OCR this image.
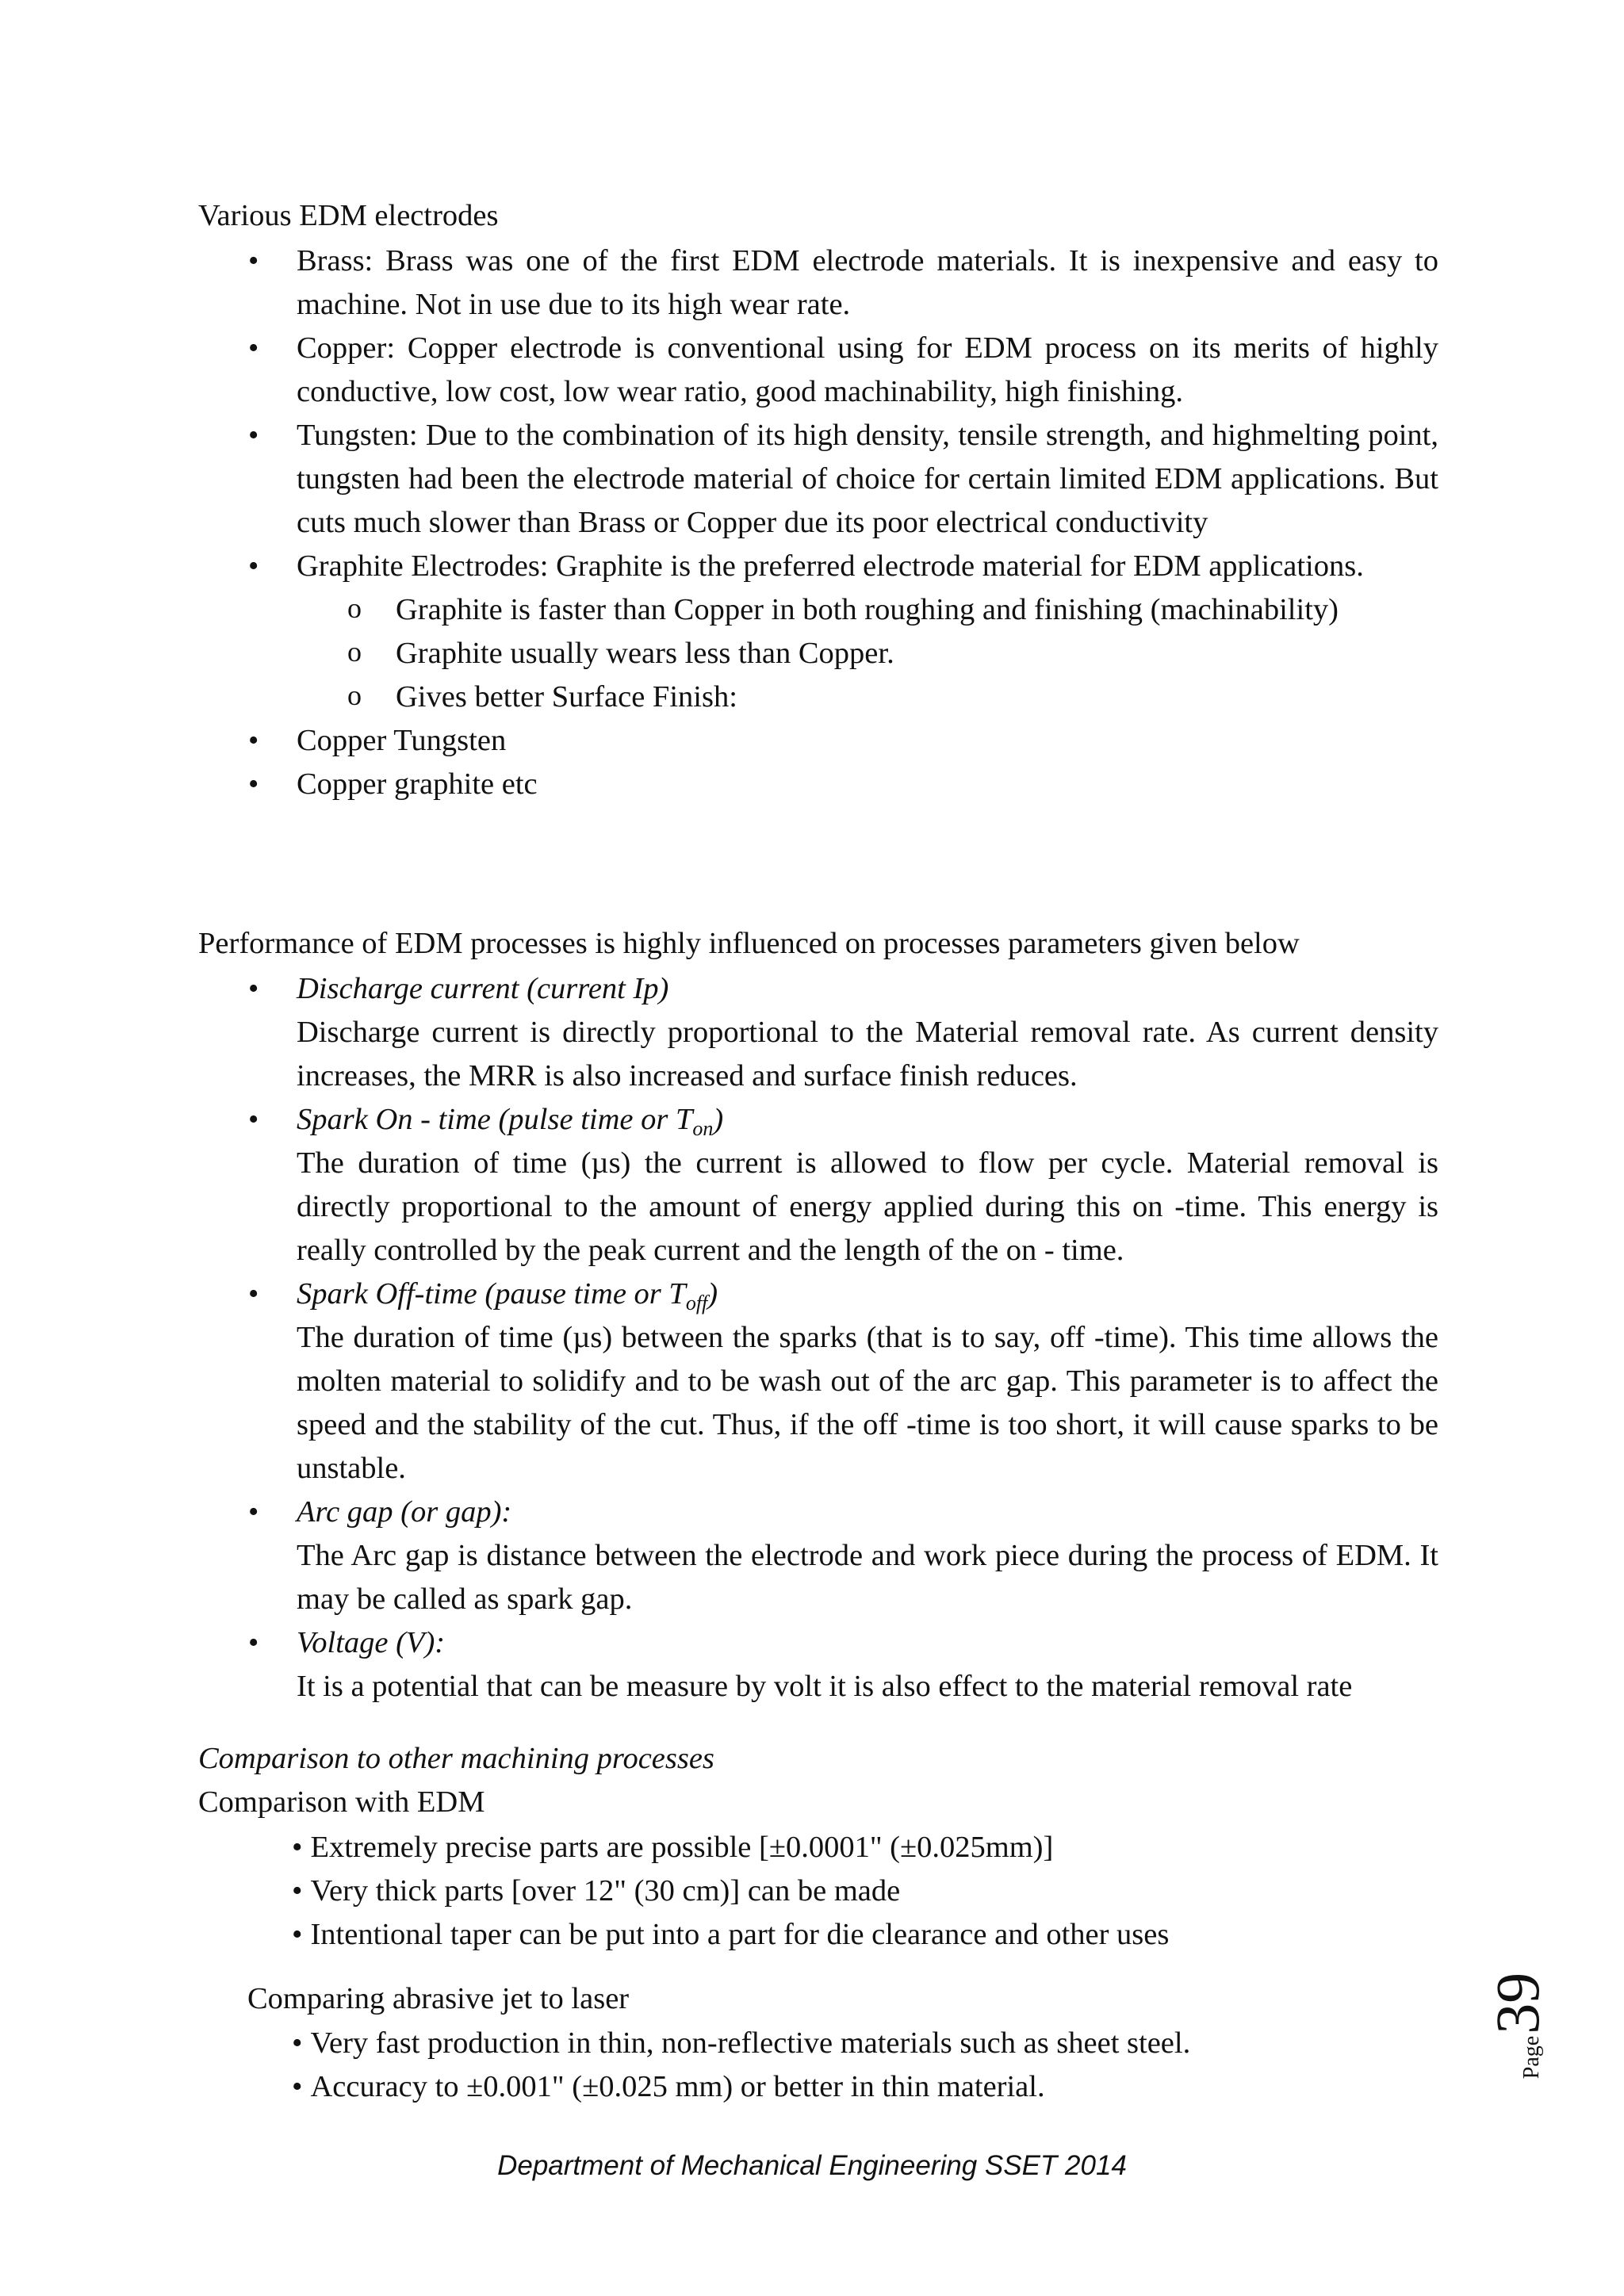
Various EDM electrodes

• Brass: Brass was one of the first EDM electrode materials. It is inexpensive and easy to machine. Not in use due to its high wear rate.
• Copper: Copper electrode is conventional using for EDM process on its merits of highly conductive, low cost, low wear ratio, good machinability, high finishing.
• Tungsten: Due to the combination of its high density, tensile strength, and highmelting point, tungsten had been the electrode material of choice for certain limited EDM applications. But cuts much slower than Brass or Copper due its poor electrical conductivity
• Graphite Electrodes: Graphite is the preferred electrode material for EDM applications.
o Graphite is faster than Copper in both roughing and finishing (machinability)
o Graphite usually wears less than Copper.
o Gives better Surface Finish:
• Copper Tungsten
• Copper graphite etc

Performance of EDM processes is highly influenced on processes parameters given below

• Discharge current (current Ip)
Discharge current is directly proportional to the Material removal rate. As current density increases, the MRR is also increased and surface finish reduces.
• Spark On - time (pulse time or $T_{on}$)
The duration of time (µs) the current is allowed to flow per cycle. Material removal is directly proportional to the amount of energy applied during this on -time. This energy is really controlled by the peak current and the length of the on - time.
• Spark Off-time (pause time or $T_{off}$)
The duration of time (µs) between the sparks (that is to say, off -time). This time allows the molten material to solidify and to be wash out of the arc gap. This parameter is to affect the speed and the stability of the cut. Thus, if the off -time is too short, it will cause sparks to be unstable.
• Arc gap (or gap):
The Arc gap is distance between the electrode and work piece during the process of EDM. It may be called as spark gap.
• Voltage (V):
It is a potential that can be measure by volt it is also effect to the material removal rate

Comparison to other machining processes

Comparison with EDM

• Extremely precise parts are possible [±0.0001" (±0.025mm)]
• Very thick parts [over 12" (30 cm)] can be made
• Intentional taper can be put into a part for die clearance and other uses

Comparing abrasive jet to laser

• Very fast production in thin, non-reflective materials such as sheet steel.
• Accuracy to ±0.001" (±0.025 mm) or better in thin material.
Department of Mechanical Engineering SSET 2014
Page
39
